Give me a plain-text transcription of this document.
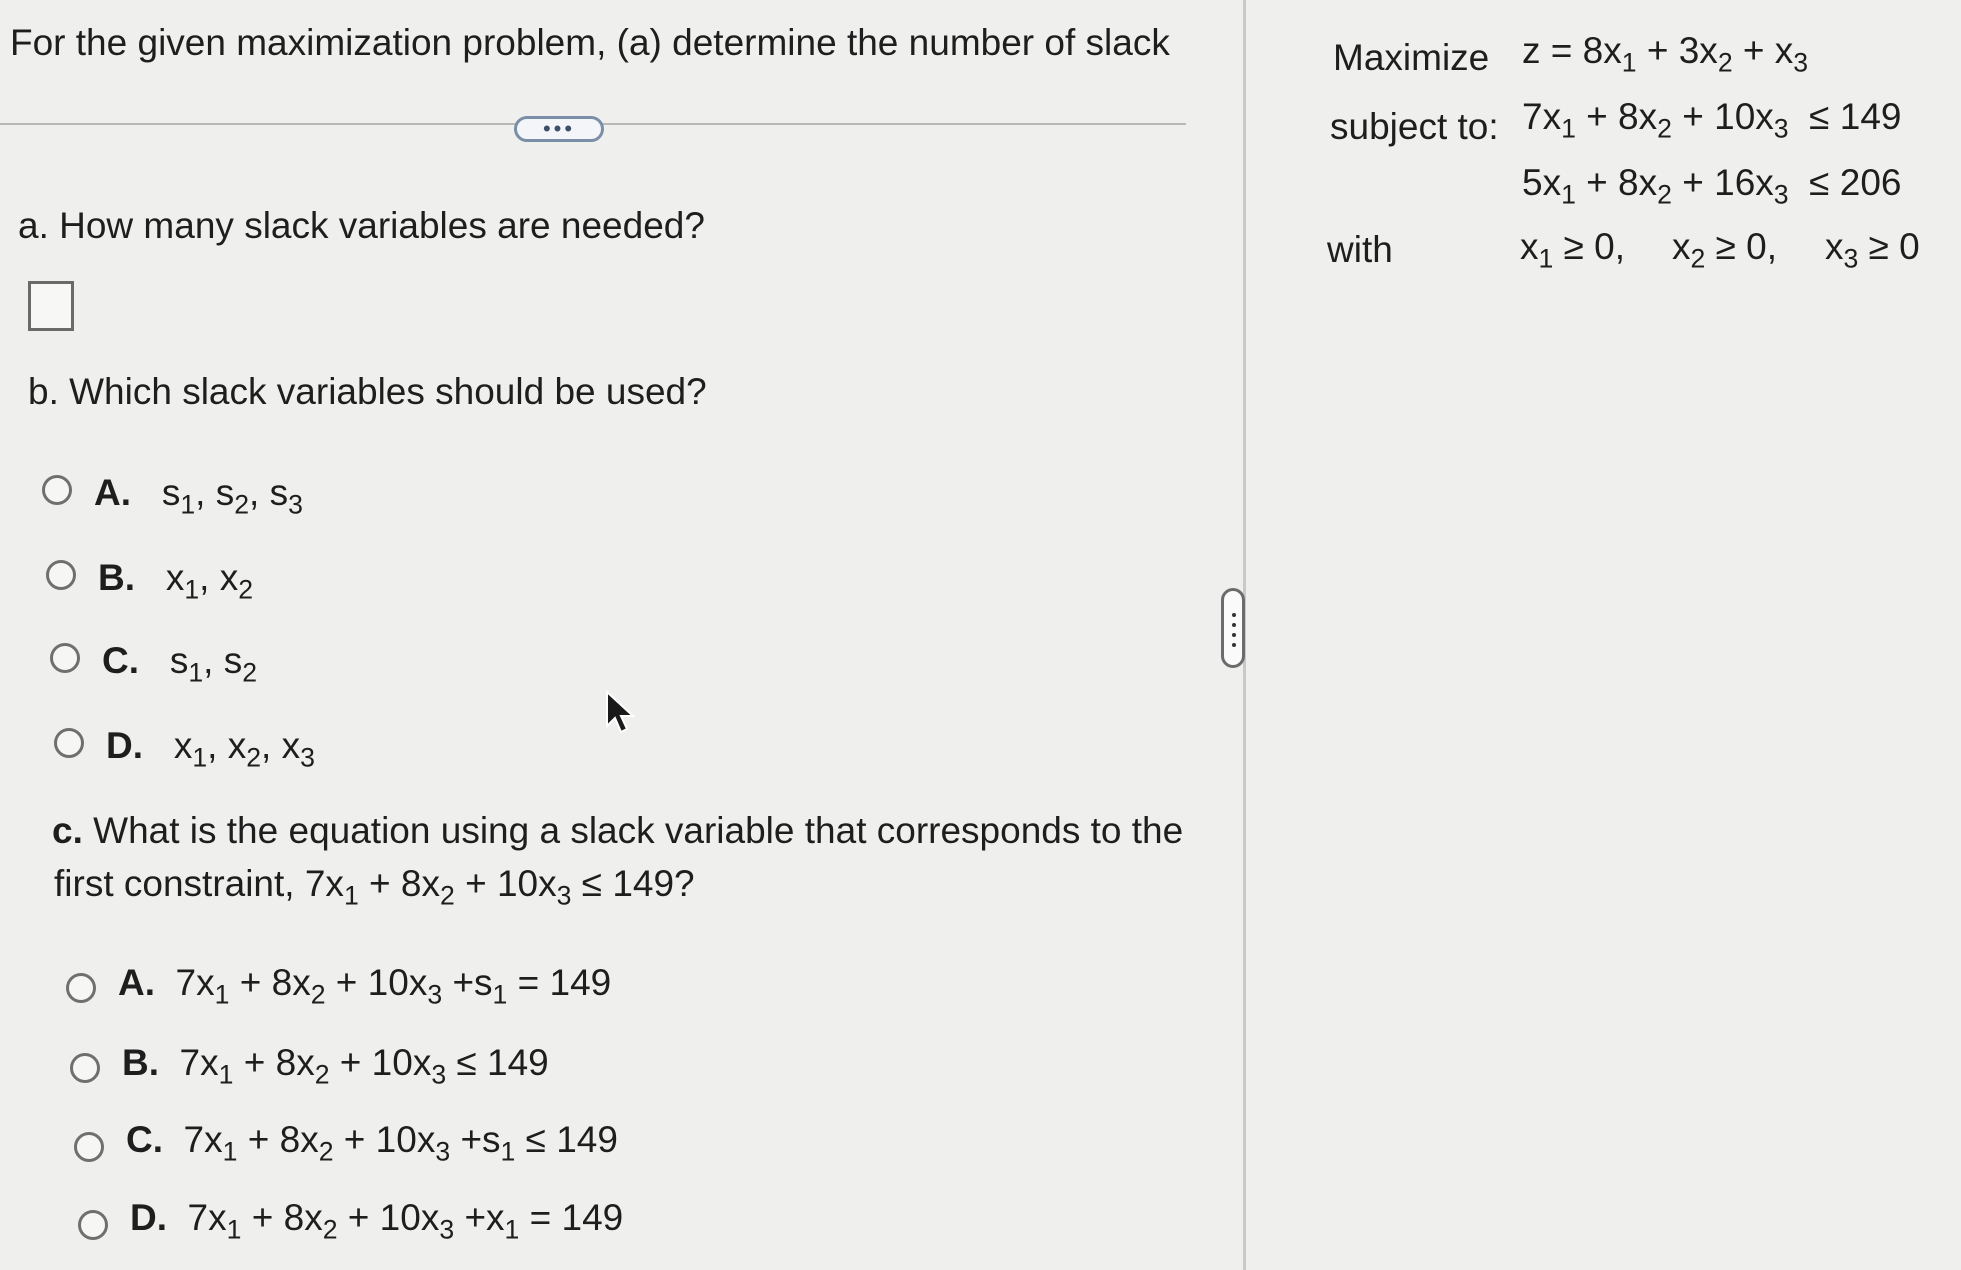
For the given maximization problem, (a) determine the number of slack
•••
a. How many slack variables are needed?
b. Which slack variables should be used?
A. $s_1$, $s_2$, $s_3$
B. $x_1$, $x_2$
C. $s_1$, $s_2$
D. $x_1$, $x_2$, $x_3$
c. What is the equation using a slack variable that corresponds to the
first constraint, $7x_1 + 8x_2 + 10x_3 \le 149$?
A.  $7x_1 + 8x_2 + 10x_3 +s_1 = 149$
B.  $7x_1 + 8x_2 + 10x_3 \le 149$
C.  $7x_1 + 8x_2 + 10x_3 +s_1 \le 149$
D.  $7x_1 + 8x_2 + 10x_3 +x_1 = 149$
Maximize $z = 8x_1 + 3x_2 + x_3$
subject to: $7x_1 + 8x_2 + 10x_3 \le 149$
$5x_1 + 8x_2 + 16x_3 \le 206$
with	$x_1 \ge 0$, $x_2 \ge 0$, $x_3 \ge 0$
